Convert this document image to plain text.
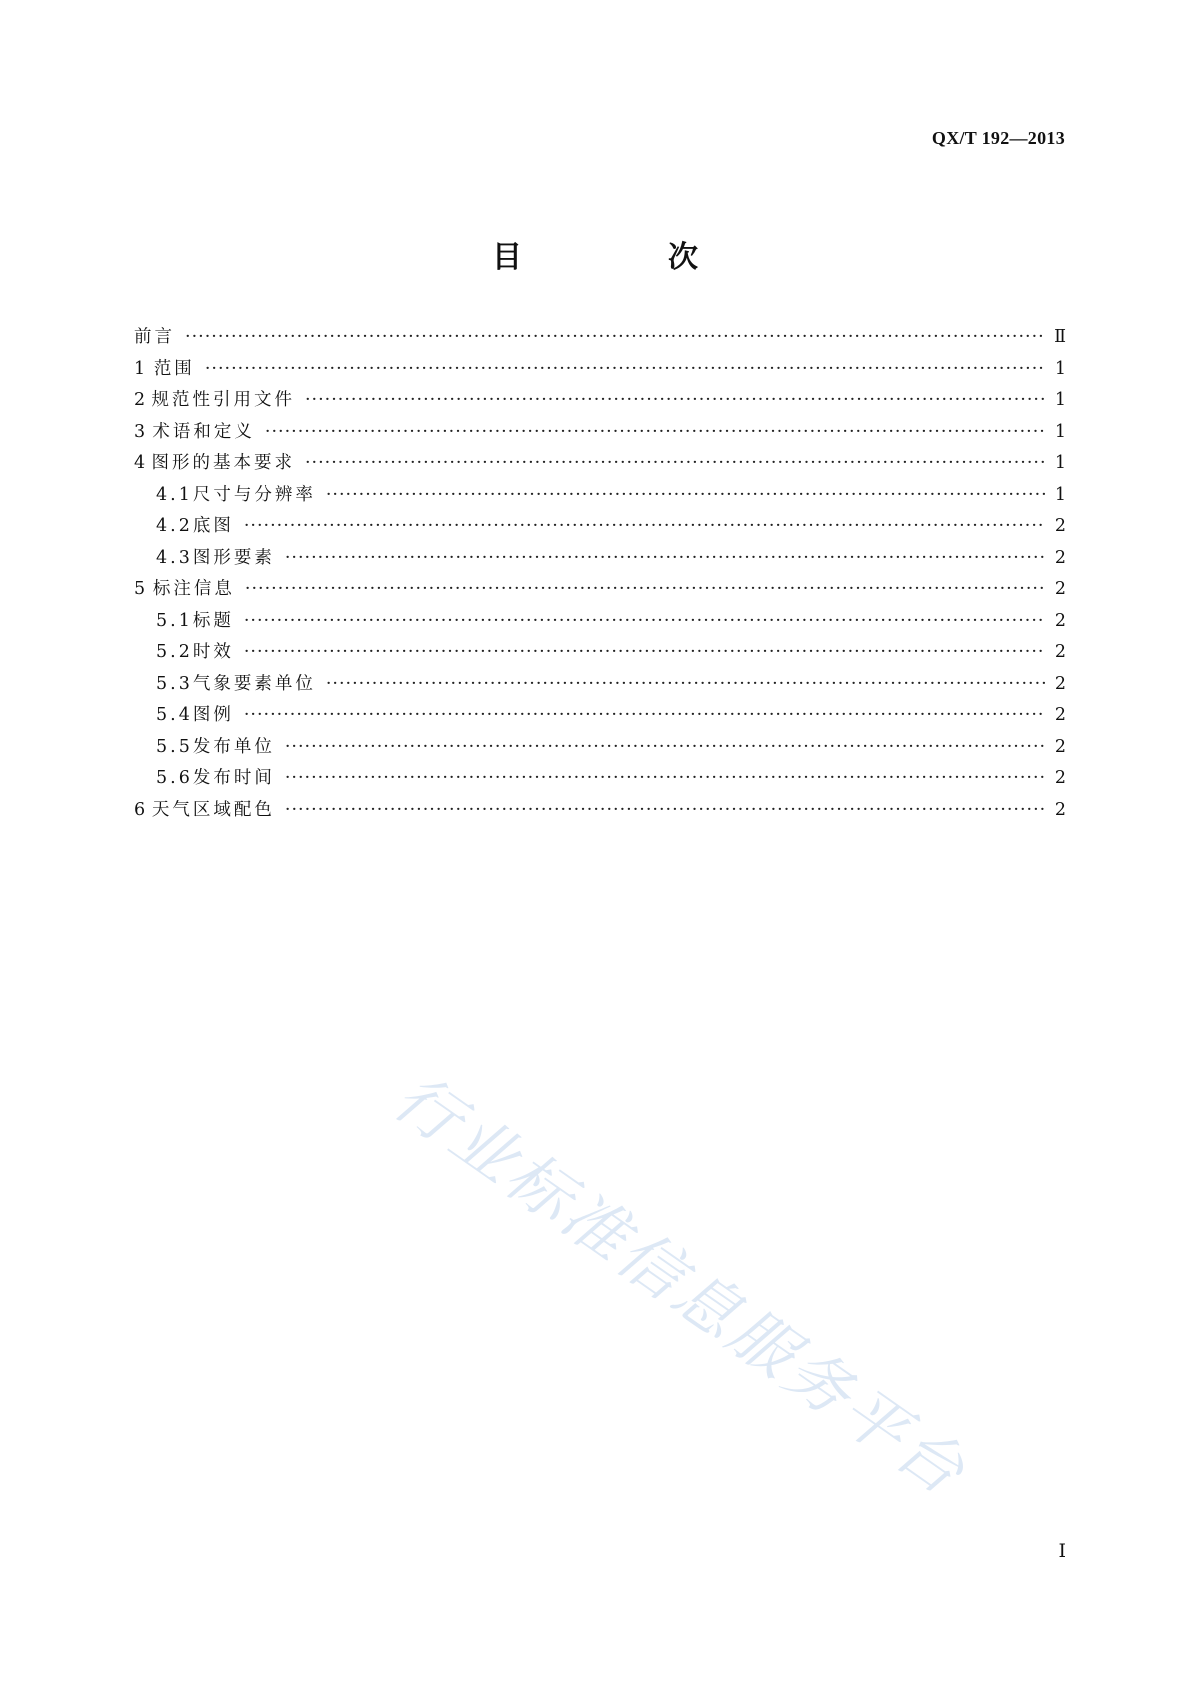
QX/T 192—2013
目　次
前言 ·····	Ⅱ
1 范围 ·····	1
2 规范性引用文件 ·····	1
3 术语和定义 ·····	1
4 图形的基本要求 ·····	1
4.1 尺寸与分辨率 ·····	1
4.2 底图 ·····	2
4.3 图形要素 ·····	2
5 标注信息 ·····	2
5.1 标题 ·····	2
5.2 时效 ·····	2
5.3 气象要素单位 ·····	2
5.4 图例 ·····	2
5.5 发布单位 ·····	2
5.6 发布时间 ·····	2
6 天气区域配色 ·····	2
行业标准信息服务平台
Ⅰ
